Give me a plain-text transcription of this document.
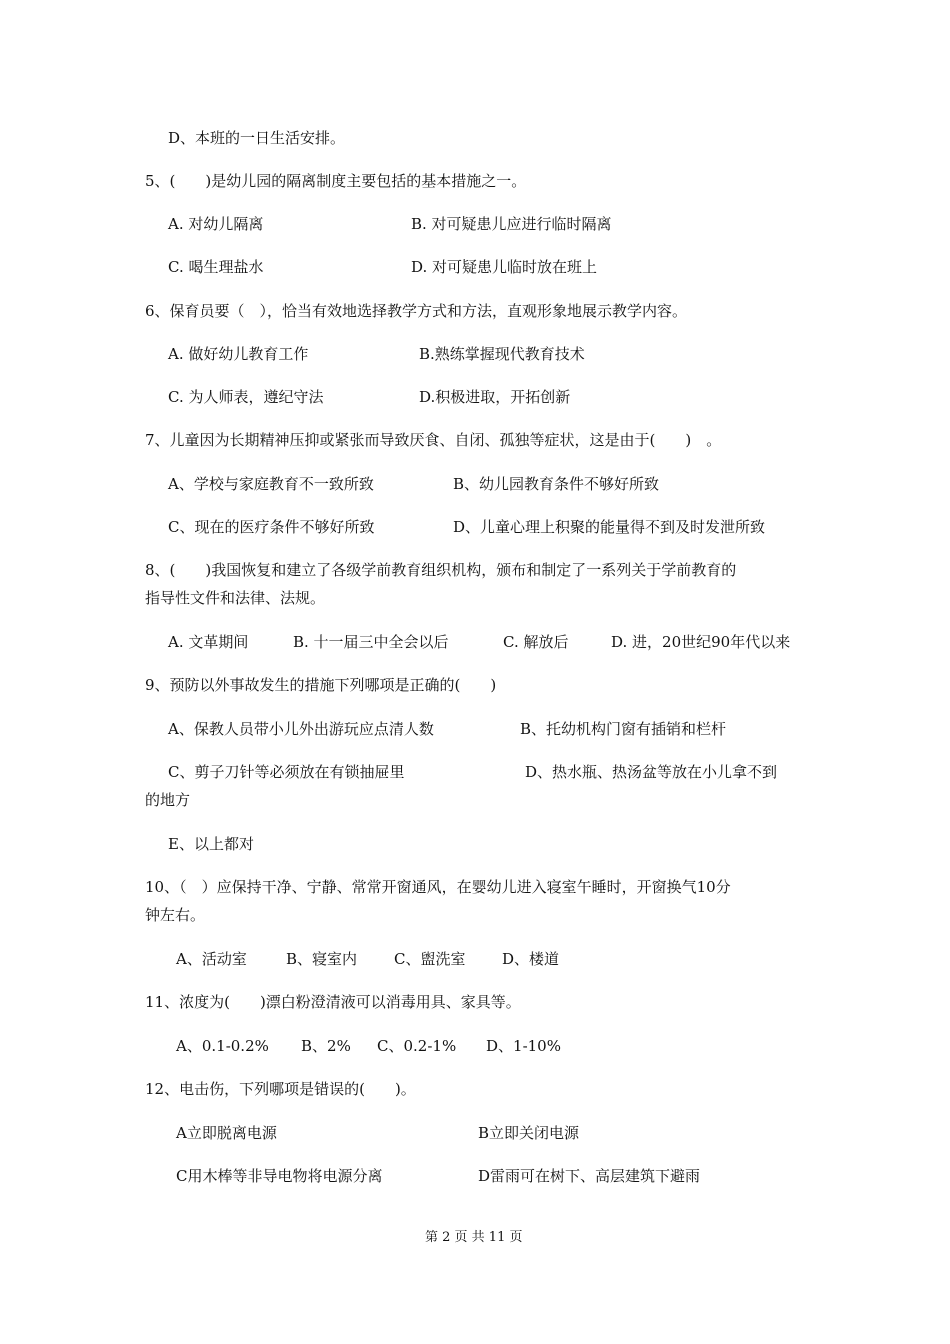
D、本班的一日生活安排。
5、(　　)是幼儿园的隔离制度主要包括的基本措施之一。
A. 对幼儿隔离	B. 对可疑患儿应进行临时隔离
C. 喝生理盐水	D. 对可疑患儿临时放在班上
6、保育员要（　），恰当有效地选择教学方式和方法，直观形象地展示教学内容。
A. 做好幼儿教育工作	B.熟练掌握现代教育技术
C. 为人师表，遵纪守法	D.积极进取，开拓创新
7、儿童因为长期精神压抑或紧张而导致厌食、自闭、孤独等症状，这是由于(　　)　。
A、学校与家庭教育不一致所致	B、幼儿园教育条件不够好所致
C、现在的医疗条件不够好所致	D、儿童心理上积聚的能量得不到及时发泄所致
8、(　　)我国恢复和建立了各级学前教育组织机构，颁布和制定了一系列关于学前教育的
指导性文件和法律、法规。
A. 文革期间	B. 十一届三中全会以后	C. 解放后	D. 进，20世纪90年代以来
9、预防以外事故发生的措施下列哪项是正确的(　　)
A、保教人员带小儿外出游玩应点清人数	B、托幼机构门窗有插销和栏杆
C、剪子刀针等必须放在有锁抽屉里	D、热水瓶、热汤盆等放在小儿拿不到
的地方
E、以上都对
10、（　）应保持干净、宁静、常常开窗通风，在婴幼儿进入寝室午睡时，开窗换气10分
钟左右。
A、活动室	B、寝室内 C、盥洗室 D、楼道
11、浓度为(　　)漂白粉澄清液可以消毒用具、家具等。
A、0.1-0.2% B、2% C、0.2-1% D、1-10%
12、电击伤，下列哪项是错误的(　　)。
A立即脱离电源	B立即关闭电源
C用木棒等非导电物将电源分离	D雷雨可在树下、高层建筑下避雨
第 2 页 共 11 页
